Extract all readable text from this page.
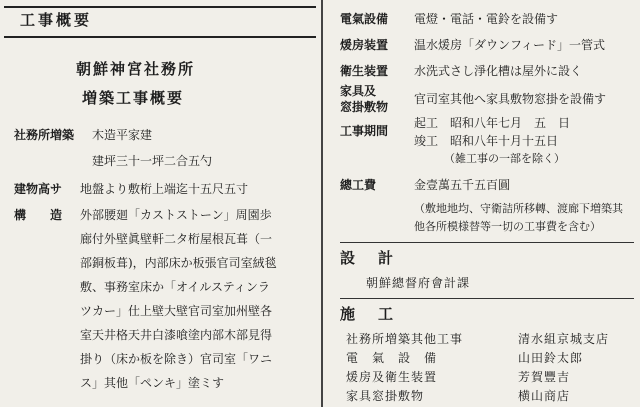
工事概要
朝鮮神宮社務所
増築工事概要
社務所増築 木造平家建
建坪三十一坪二合五勺
建物高サ 地盤より敷桁上端迄十五尺五寸
構　　造 外部腰廻「カストストーン」周園歩
廊付外壁眞壁軒二タ桁屋根瓦葺（一
部銅板葺)，内部床か板張官司室絨毯
敷、事務室床か「オイルスティンラ
ツカー」仕上壁大壁官司室加州壁各
室天井格天井白漆喰塗内部木部見得
掛り（床か板を除き）官司室「ワニ
ス」其他「ペンキ」塗ミす
電氣設備 電燈・電話・電鈴を設備す
煖房装置 温水煖房「ダウンフィード」一管式
衛生装置 水洗式さし淨化槽は屋外に設く
家具及
官司室其他へ家具敷物窓掛を設備す
窓掛敷物
工事期間
起工　昭和八年七月　五　日
竣工　昭和八年十月十五日
（雑工事の一部を除く）
總工費	金壹萬五千五百圓
（敷地地均、守衛詰所移轉、渡廊下増築其
他各所模様替等一切の工事費を含む）
設　計
朝鮮總督府會計課
施　工
社務所増築其他工事	清水組京城支店
電　氣　設　備	山田鈴太郎
煖房及衛生装置	芳賀豐吉
家具窓掛敷物	横山商店
